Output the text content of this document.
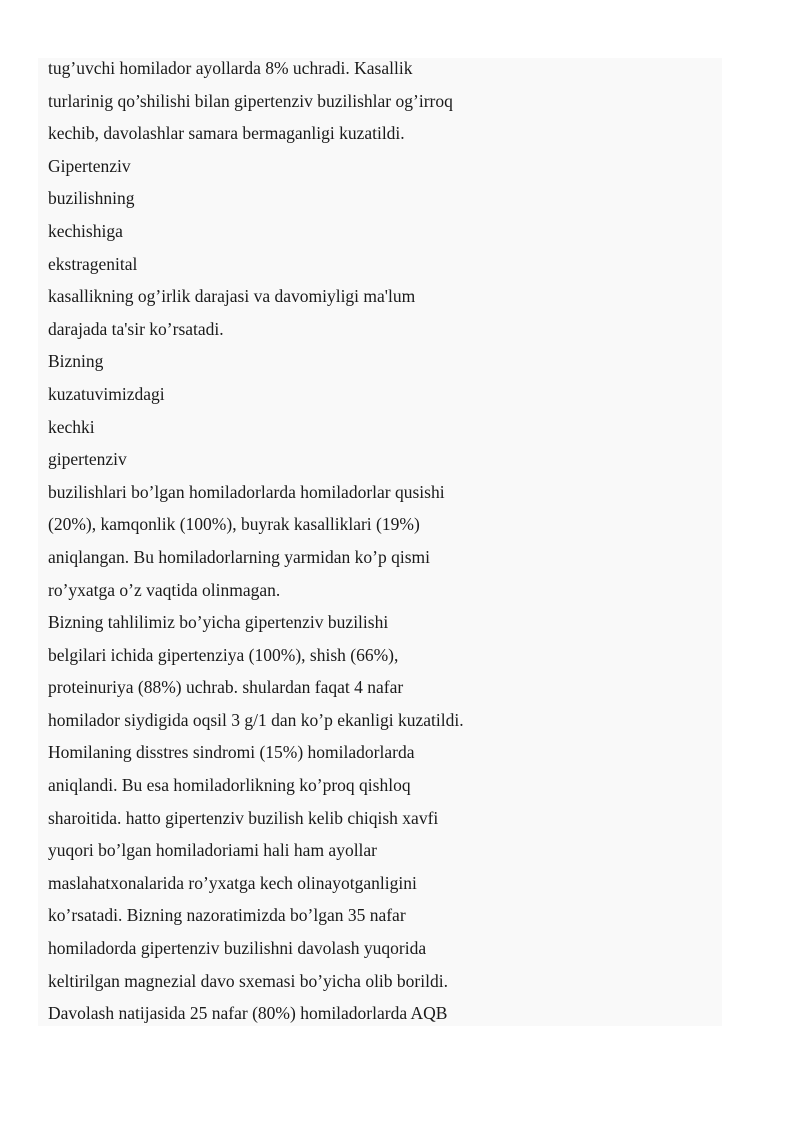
tug’uvchi homilador ayollarda 8% uchradi. Kasallik
turlarinig qo’shilishi bilan gipertenziv buzilishlar og’irroq
kechib, davolashlar samara bermaganligi kuzatildi.
Gipertenziv
buzilishning
kechishiga
ekstragenital
kasallikning og’irlik darajasi va davomiyligi ma'lum
darajada ta'sir ko’rsatadi.
Bizning
kuzatuvimizdagi
kechki
gipertenziv
buzilishlari bo’lgan homiladorlarda homiladorlar qusishi
(20%), kamqonlik (100%), buyrak kasalliklari (19%)
aniqlangan. Bu homiladorlarning yarmidan ko’p qismi
ro’yxatga o’z vaqtida olinmagan.
Bizning tahlilimiz bo’yicha gipertenziv buzilishi
belgilari ichida gipertenziya (100%), shish (66%),
proteinuriya (88%) uchrab. shulardan faqat 4 nafar
homilador siydigida oqsil 3 g/1 dan ko’p ekanligi kuzatildi.
Homilaning disstres sindromi (15%) homiladorlarda
aniqlandi. Bu esa homiladorlikning ko’proq qishloq
sharoitida. hatto gipertenziv buzilish kelib chiqish xavfi
yuqori bo’lgan homiladoriami hali ham ayollar
maslahatxonalarida ro’yxatga kech olinayotganligini
ko’rsatadi. Bizning nazoratimizda bo’lgan 35 nafar
homiladorda gipertenziv buzilishni davolash yuqorida
keltirilgan magnezial davo sxemasi bo’yicha olib borildi.
Davolash natijasida 25 nafar (80%) homiladorlarda AQB
